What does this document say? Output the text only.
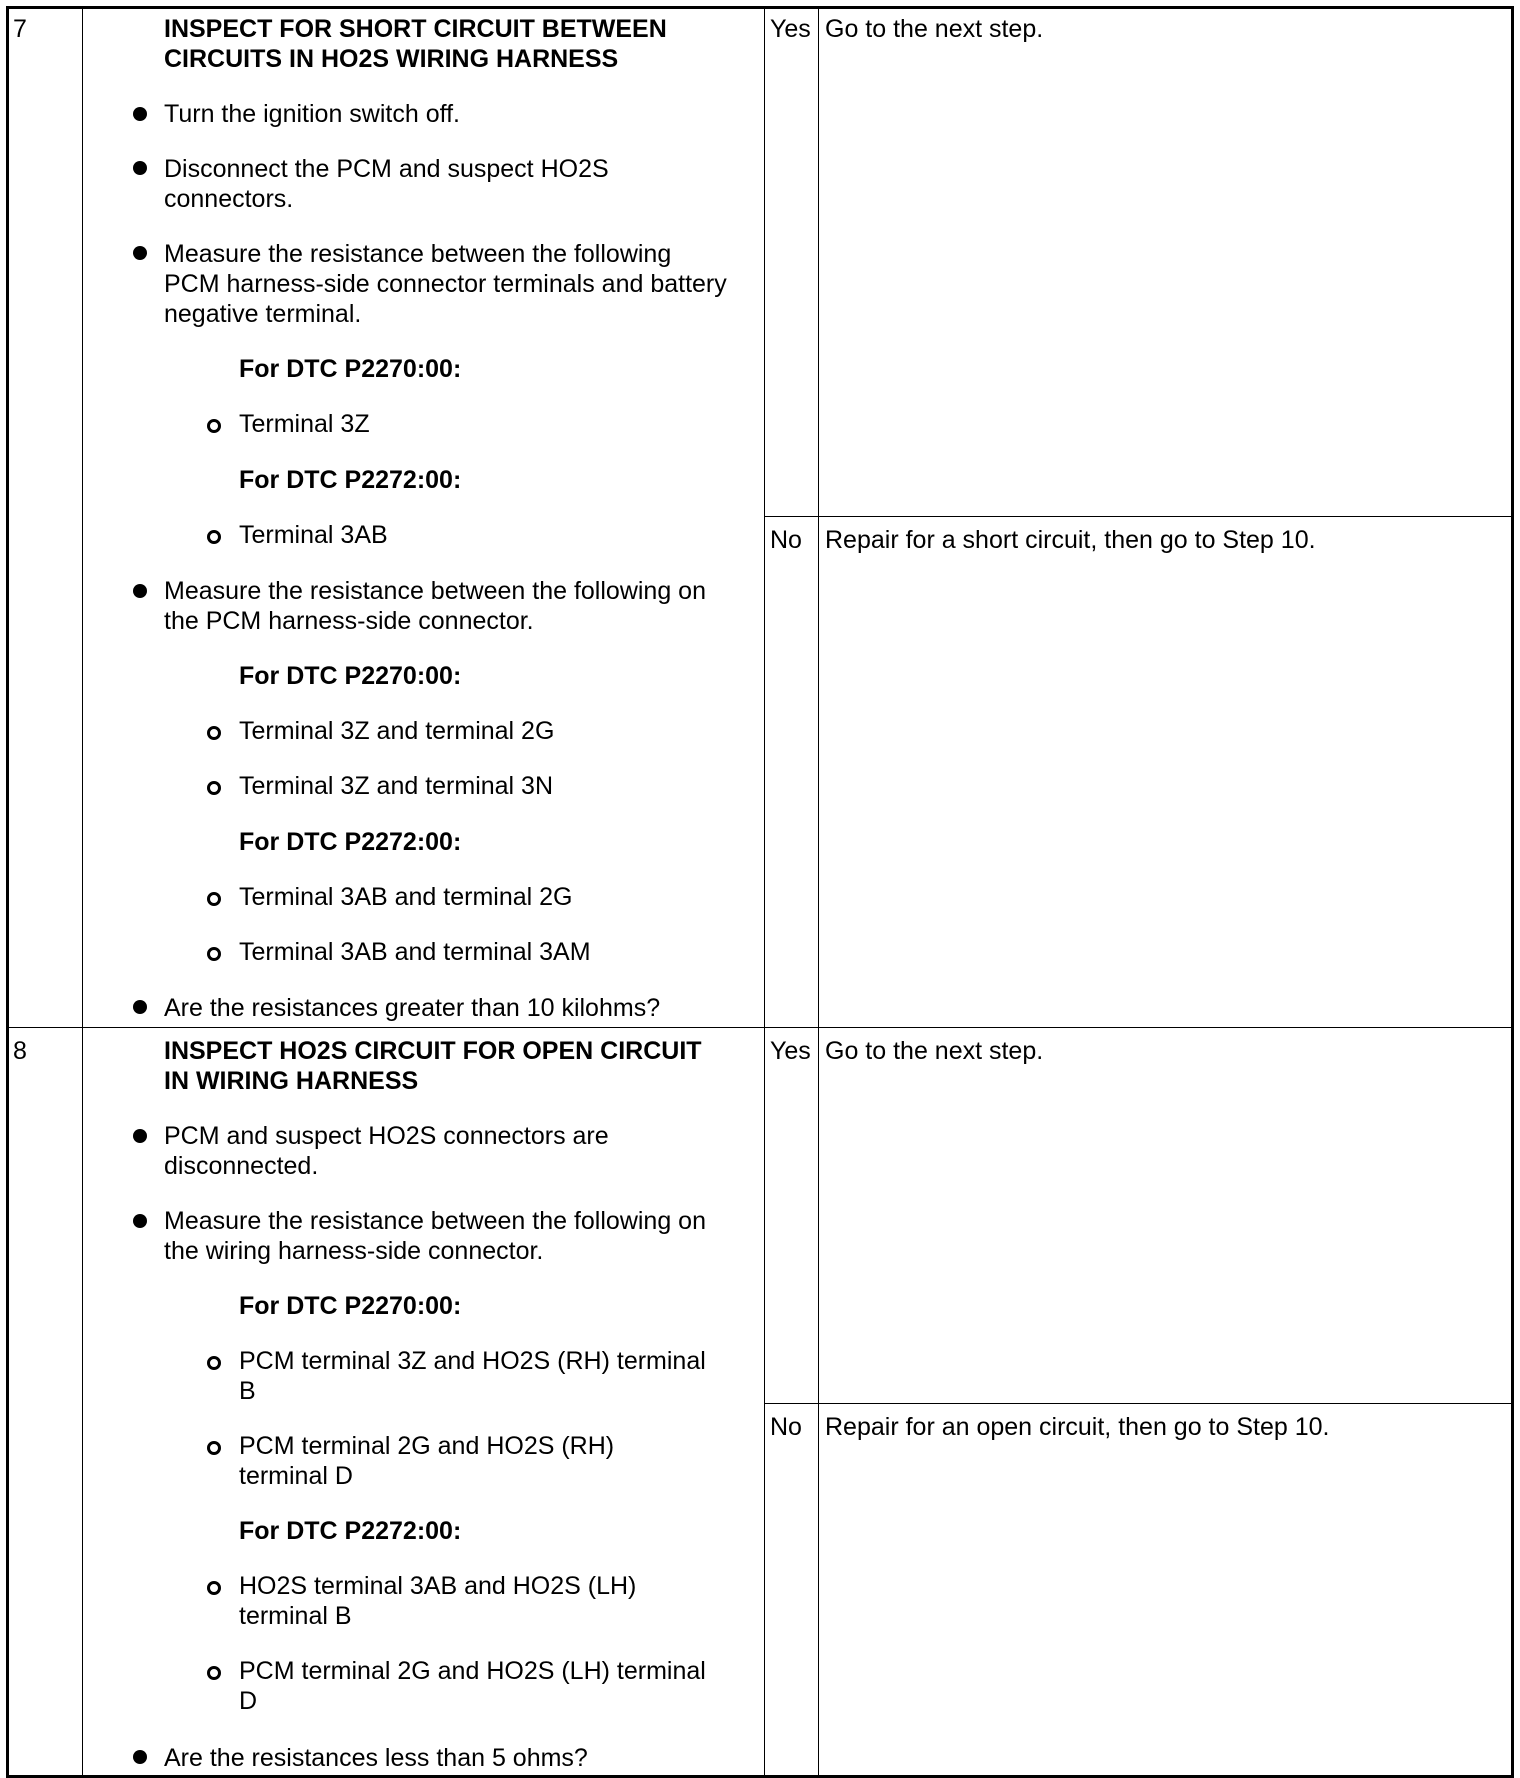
7	INSPECT FOR SHORT CIRCUIT BETWEEN
CIRCUITS IN HO2S WIRING HARNESS
Turn the ignition switch off.
Disconnect the PCM and suspect HO2S
connectors.
Measure the resistance between the following
PCM harness-side connector terminals and battery
negative terminal.
For DTC P2270:00:
Terminal 3Z
For DTC P2272:00:
Terminal 3AB
Measure the resistance between the following on
the PCM harness-side connector.
For DTC P2270:00:
Terminal 3Z and terminal 2G
Terminal 3Z and terminal 3N
For DTC P2272:00:
Terminal 3AB and terminal 2G
Terminal 3AB and terminal 3AM
Are the resistances greater than 10 kilohms?
Yes Go to the next step.
No Repair for a short circuit, then go to Step 10.
8	INSPECT HO2S CIRCUIT FOR OPEN CIRCUIT
IN WIRING HARNESS
PCM and suspect HO2S connectors are
disconnected.
Measure the resistance between the following on
the wiring harness-side connector.
For DTC P2270:00:
PCM terminal 3Z and HO2S (RH) terminal
B
PCM terminal 2G and HO2S (RH)
terminal D
For DTC P2272:00:
HO2S terminal 3AB and HO2S (LH)
terminal B
PCM terminal 2G and HO2S (LH) terminal
D
Are the resistances less than 5 ohms?
Yes Go to the next step.
No Repair for an open circuit, then go to Step 10.
